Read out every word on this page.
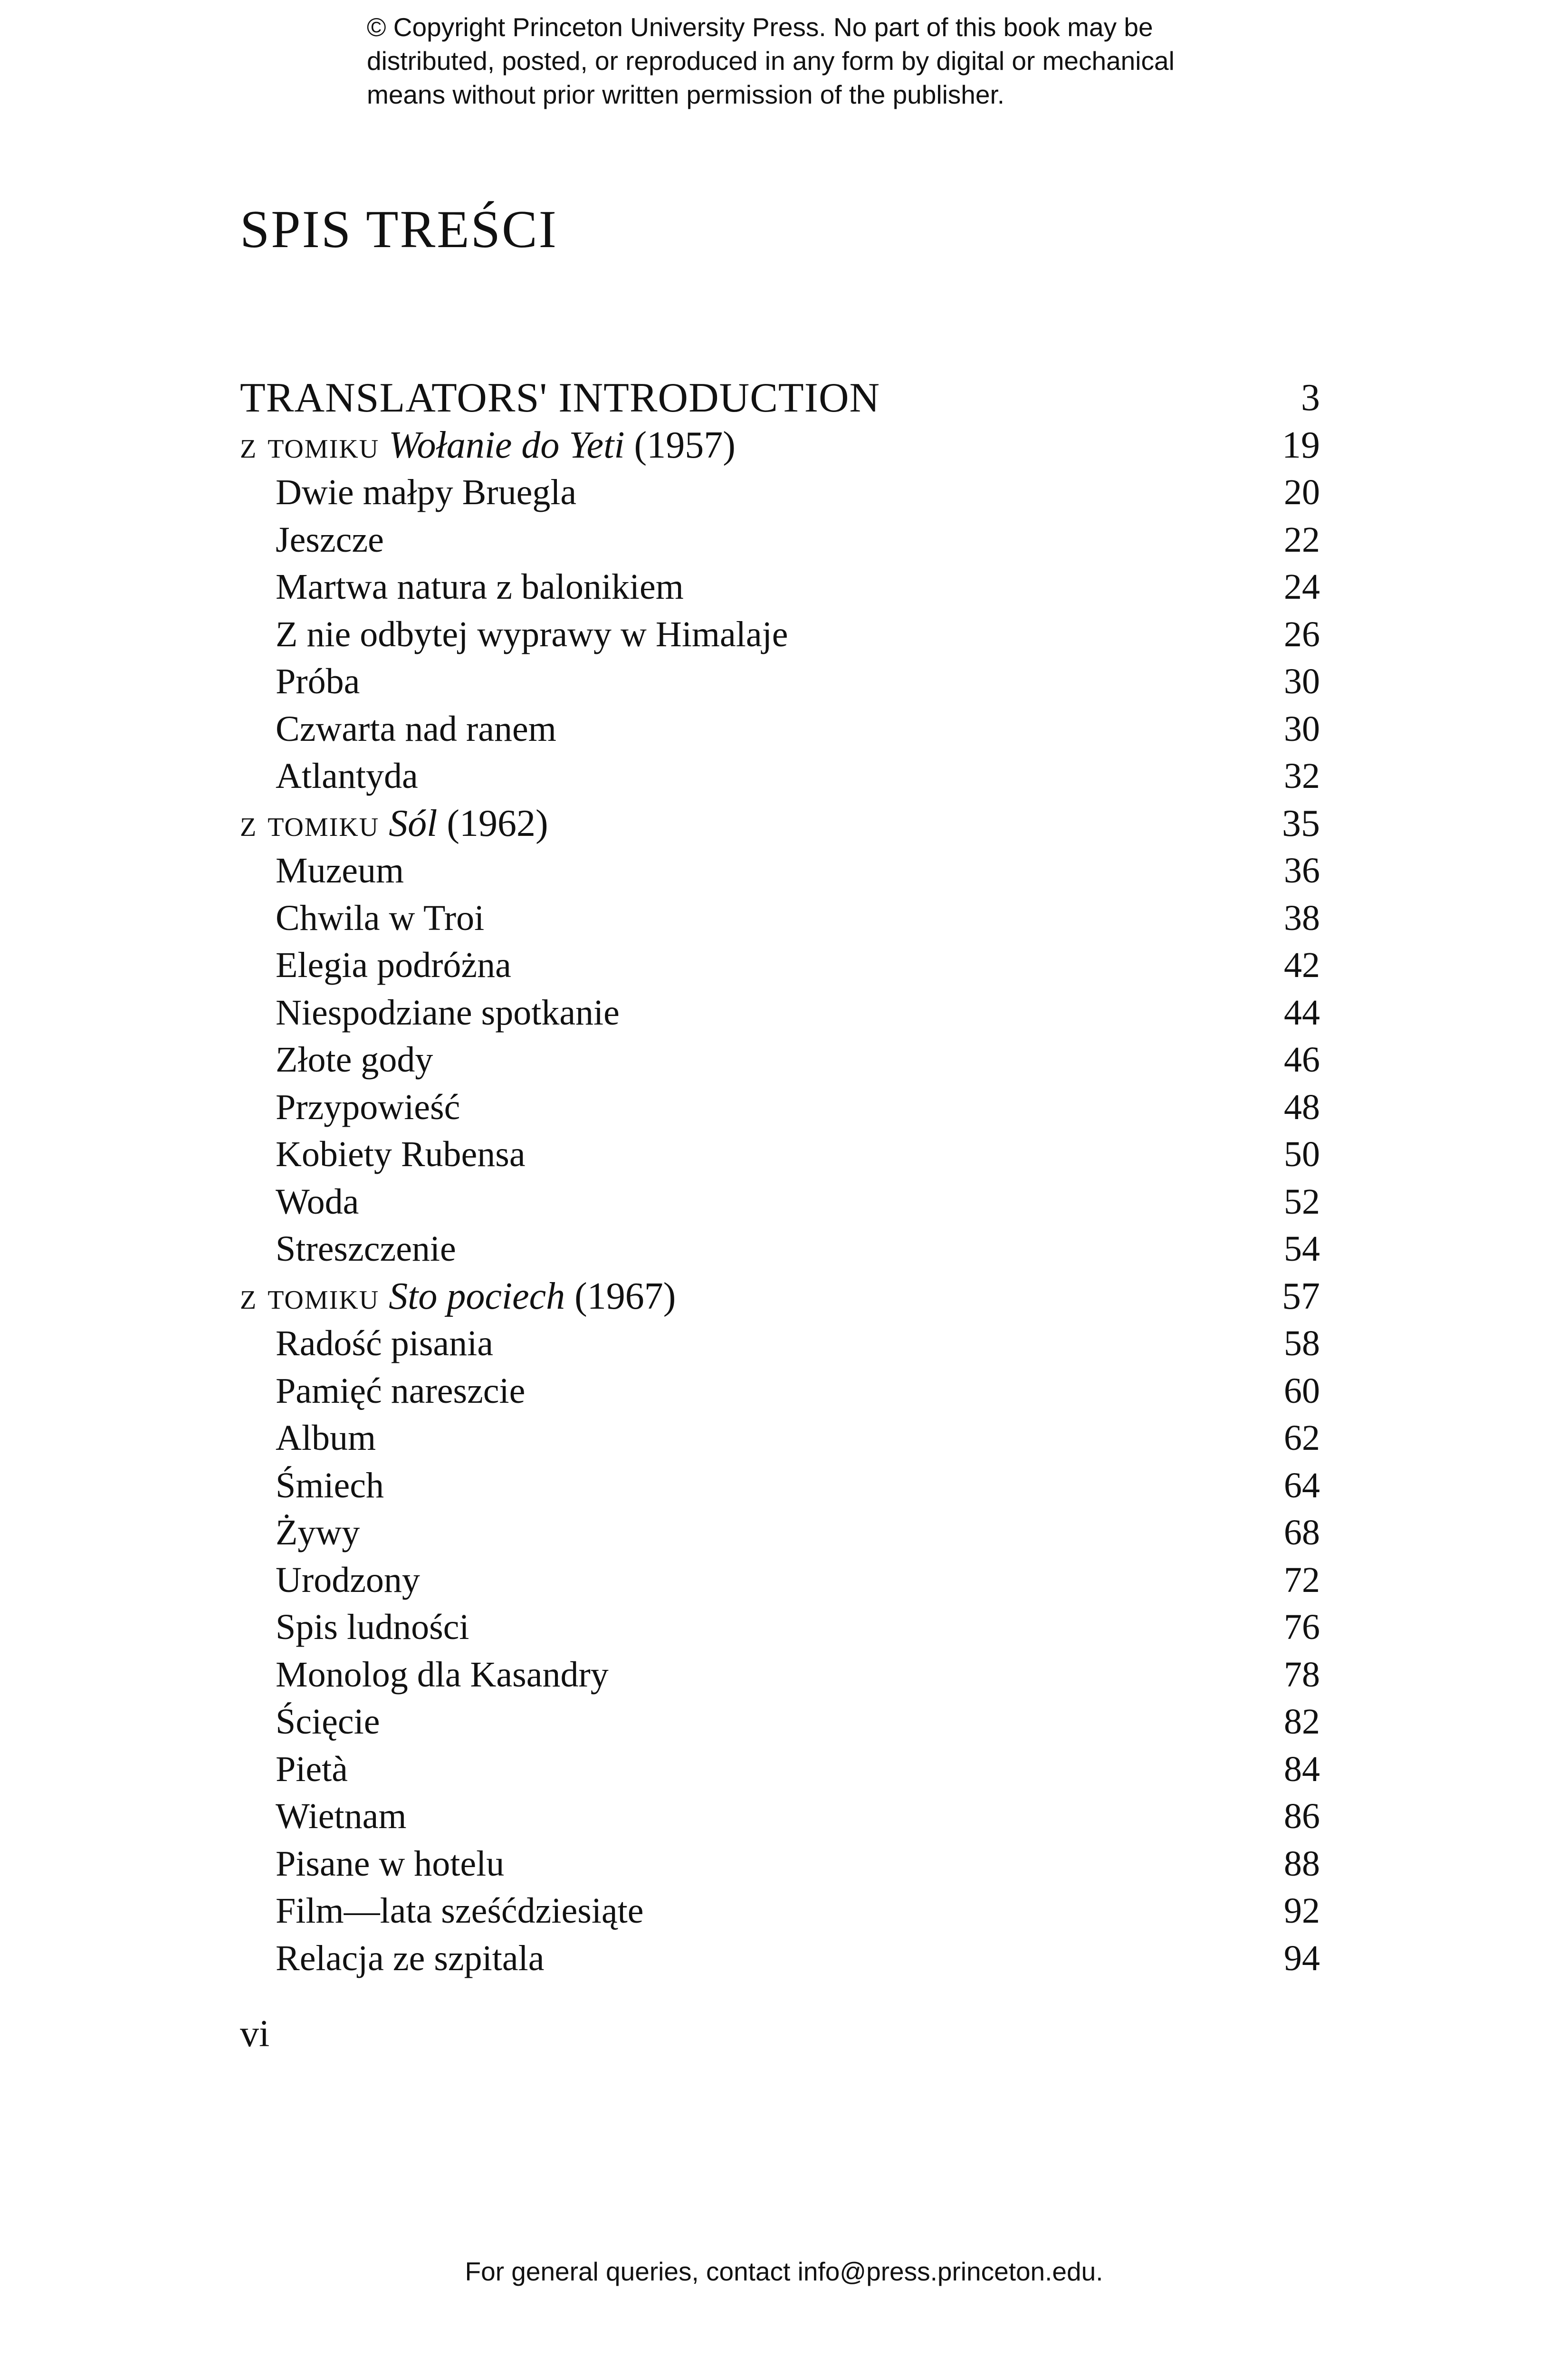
© Copyright Princeton University Press. No part of this book may be
distributed, posted, or reproduced in any form by digital or mechanical
means without prior written permission of the publisher.
SPIS TREŚCI
TRANSLATORS' INTRODUCTION	3
z tomiku Wołanie do Yeti (1957)	19
Dwie małpy Bruegla	20
Jeszcze	22
Martwa natura z balonikiem	24
Z nie odbytej wyprawy w Himalaje	26
Próba	30
Czwarta nad ranem	30
Atlantyda	32
z tomiku Sól (1962)	35
Muzeum	36
Chwila w Troi	38
Elegia podróżna	42
Niespodziane spotkanie	44
Złote gody	46
Przypowieść	48
Kobiety Rubensa	50
Woda	52
Streszczenie	54
z tomiku Sto pociech (1967)	57
Radość pisania	58
Pamięć nareszcie	60
Album	62
Śmiech	64
Żywy	68
Urodzony	72
Spis ludności	76
Monolog dla Kasandry	78
Ścięcie	82
Pietà	84
Wietnam	86
Pisane w hotelu	88
Film—lata sześćdziesiąte	92
Relacja ze szpitala	94
vi
For general queries, contact info@press.princeton.edu.
